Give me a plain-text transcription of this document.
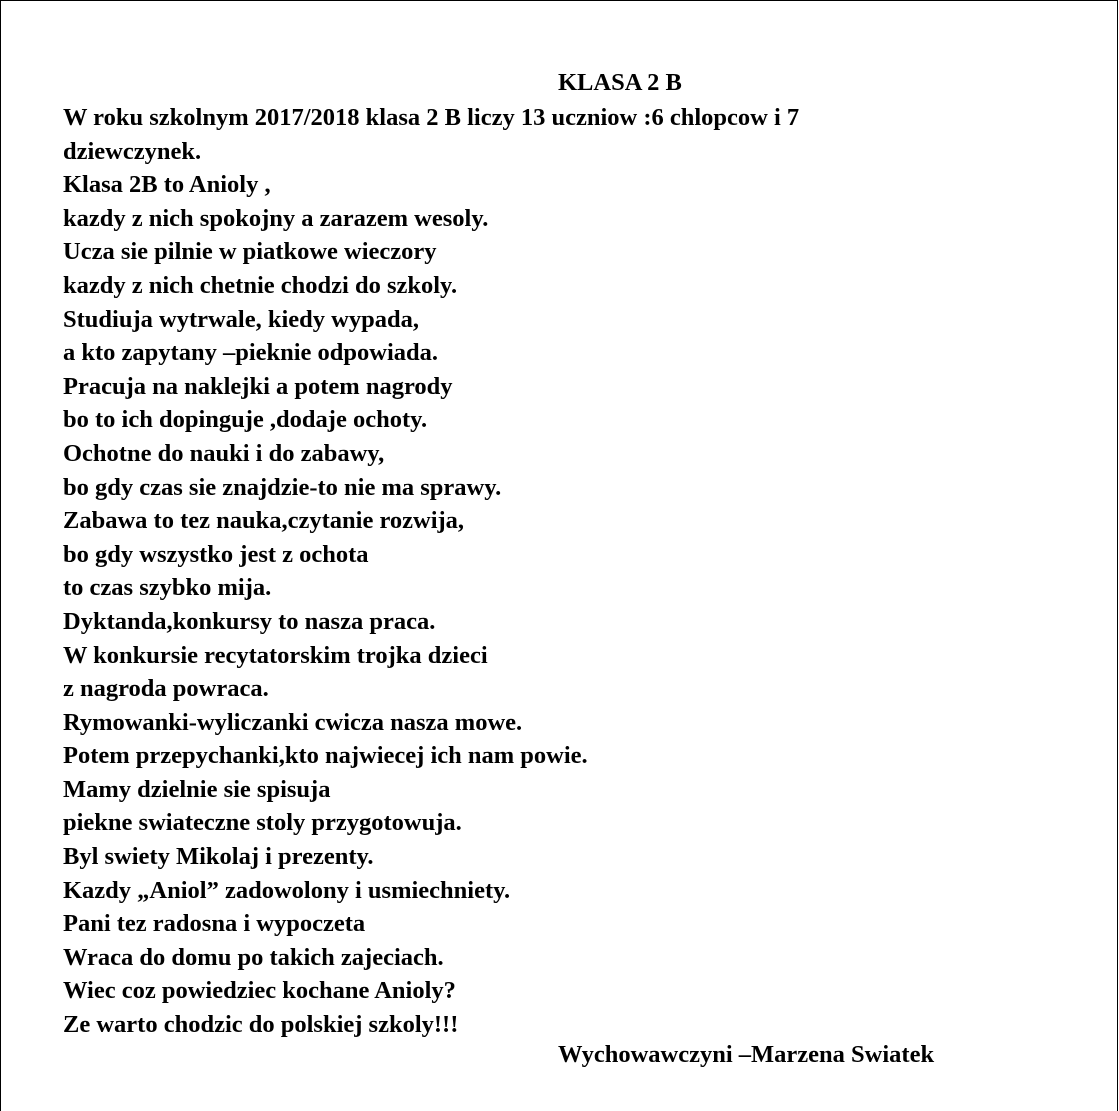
KLASA 2 B
W roku szkolnym 2017/2018 klasa 2 B liczy 13 uczniow :6 chlopcow i 7
dziewczynek.
Klasa 2B to Anioly ,
kazdy z nich spokojny a zarazem wesoly.
Ucza sie pilnie w piatkowe wieczory
kazdy z nich chetnie chodzi do szkoly.
Studiuja wytrwale, kiedy wypada,
a kto zapytany –pieknie odpowiada.
Pracuja na naklejki a potem nagrody
bo to ich dopinguje ,dodaje ochoty.
Ochotne do nauki i do zabawy,
bo gdy czas sie znajdzie-to nie ma sprawy.
Zabawa to tez nauka,czytanie rozwija,
bo gdy wszystko jest z ochota
to czas szybko mija.
Dyktanda,konkursy to nasza praca.
W konkursie recytatorskim trojka dzieci
z nagroda powraca.
Rymowanki-wyliczanki cwicza nasza mowe.
Potem przepychanki,kto najwiecej ich nam powie.
Mamy dzielnie sie spisuja
piekne swiateczne stoly przygotowuja.
Byl swiety Mikolaj i prezenty.
Kazdy „Aniol” zadowolony i usmiechniety.
Pani tez radosna i wypoczeta
Wraca do domu po takich zajeciach.
Wiec coz powiedziec kochane Anioly?
Ze warto chodzic do polskiej szkoly!!!

Wychowawczyni –Marzena Swiatek
